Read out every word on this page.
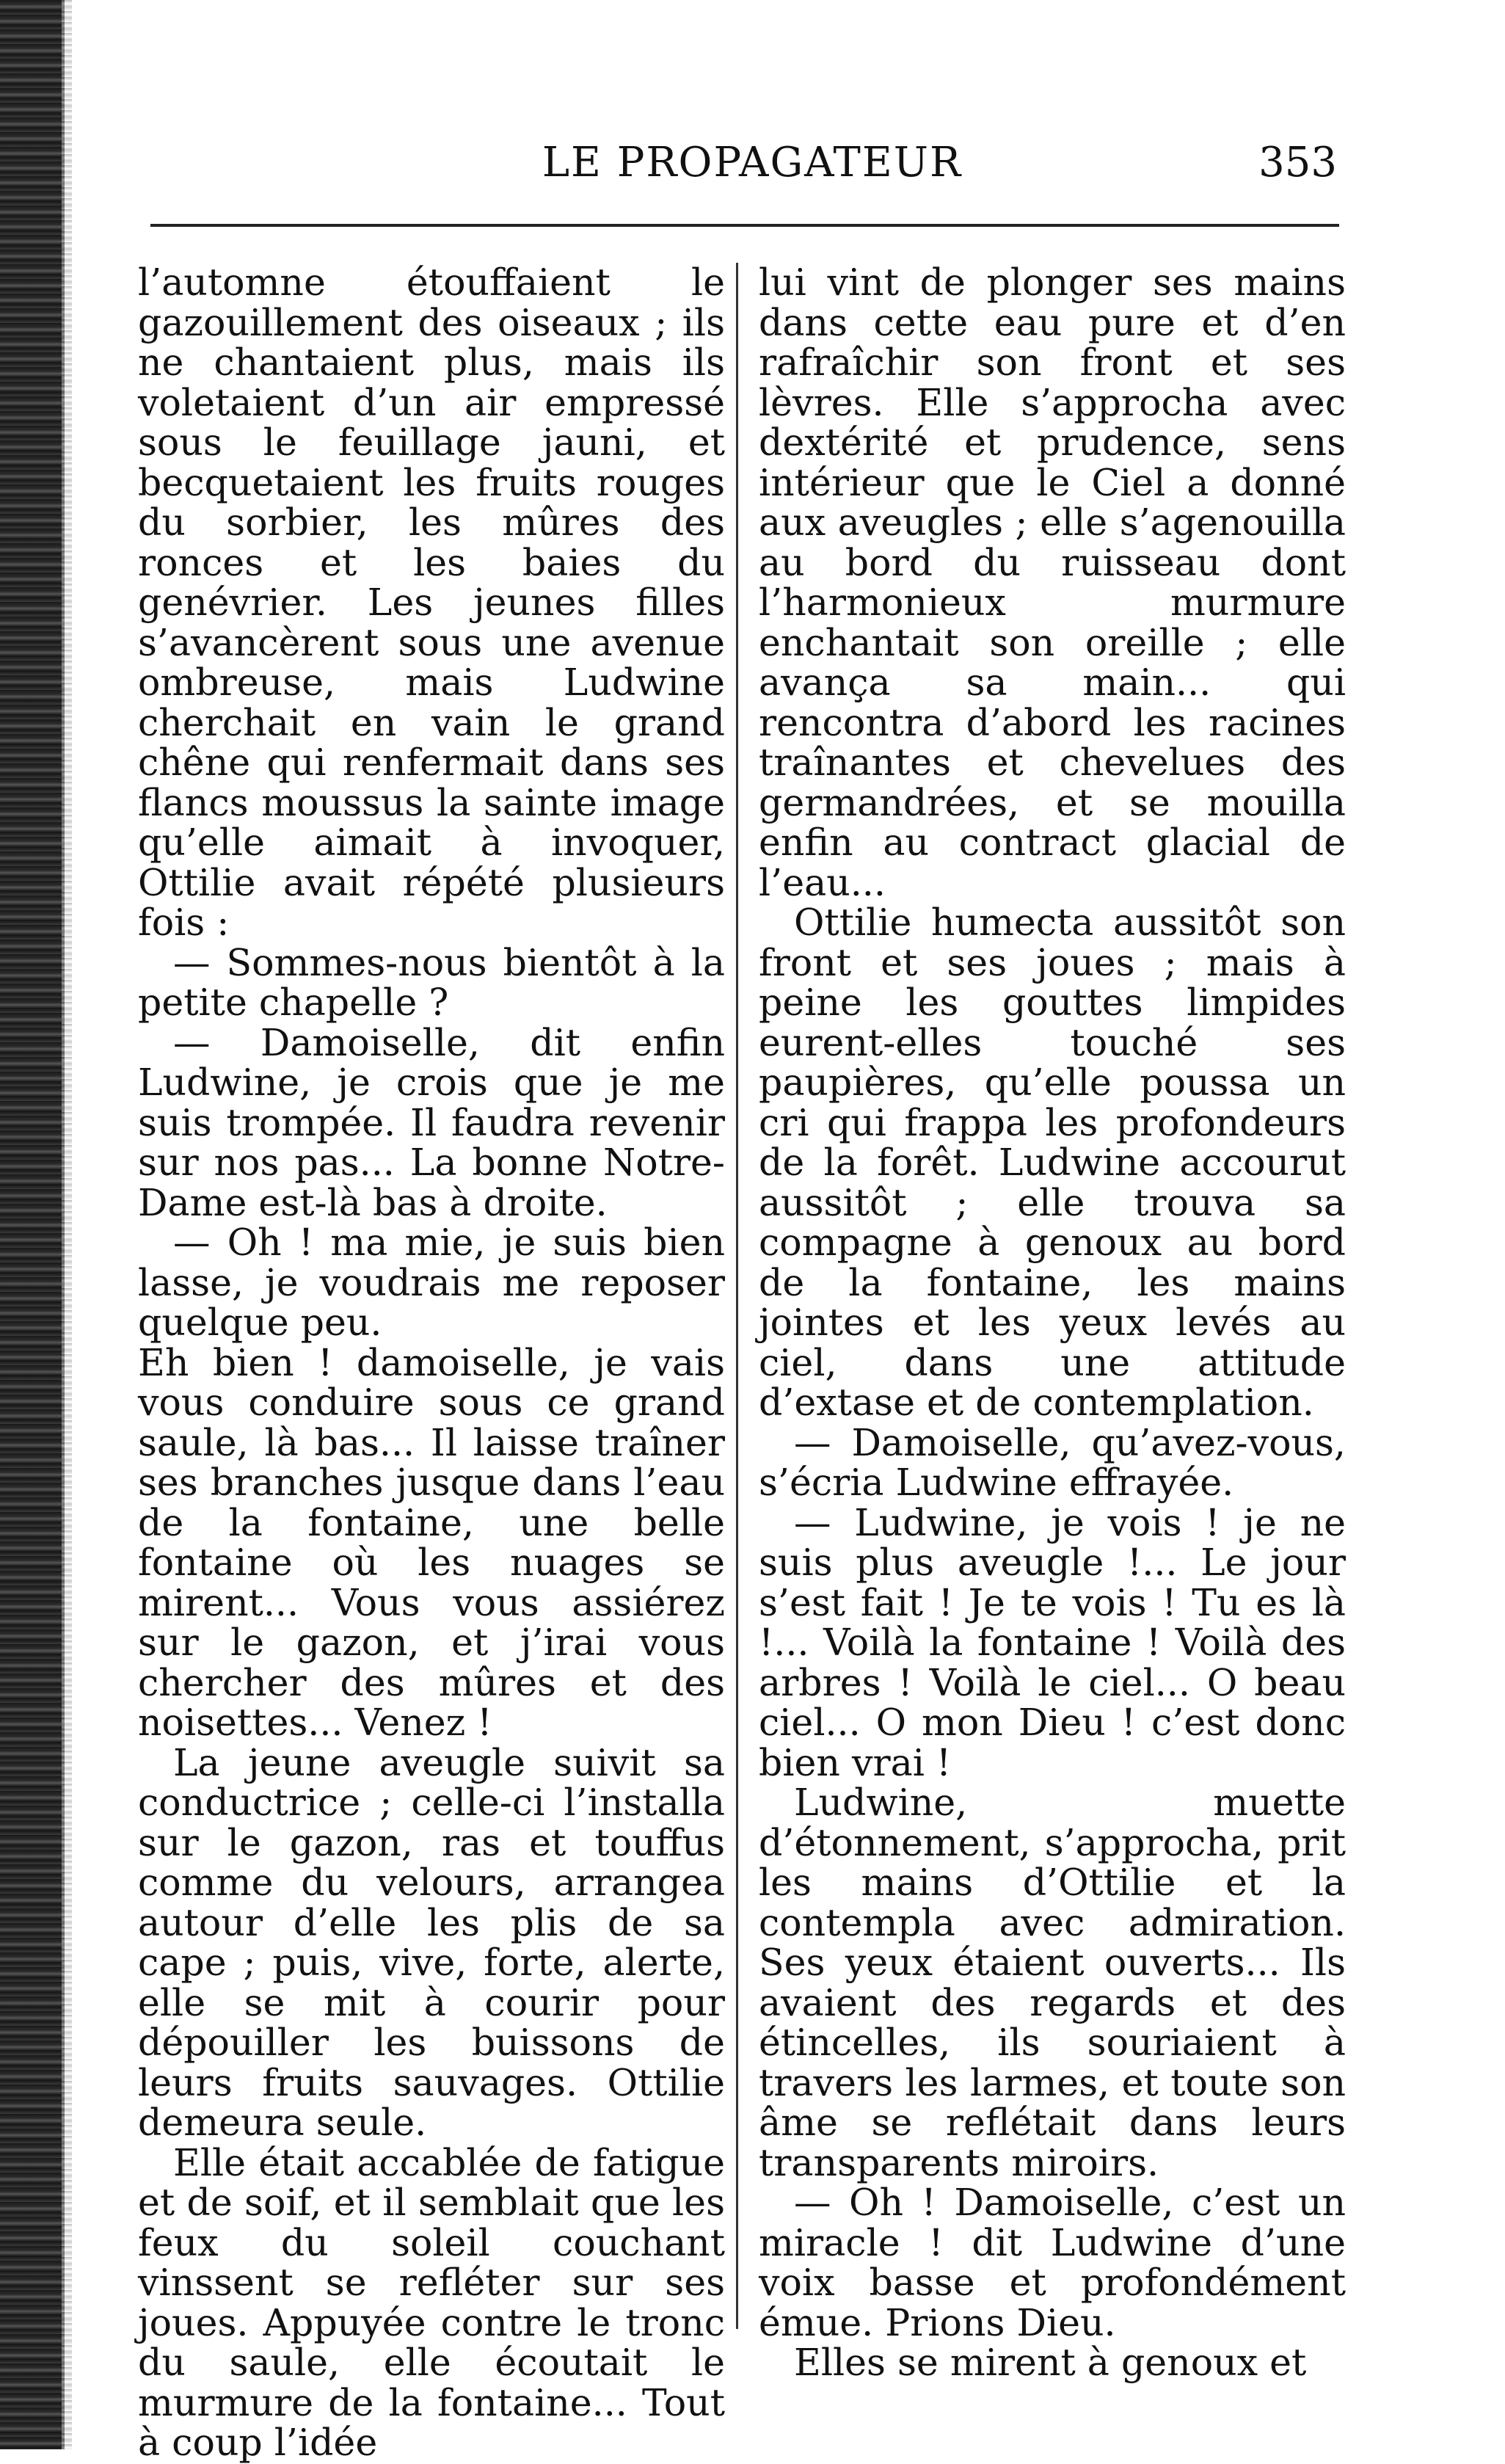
LE PROPAGATEUR	353

l’automne étouffaient le gazouillement des oiseaux ; ils ne chantaient plus, mais ils voletaient d’un air empressé sous le feuillage jauni, et becquetaient les fruits rouges du sorbier, les mûres des ronces et les baies du genévrier. Les jeunes filles s’avancèrent sous une avenue ombreuse, mais Ludwine cherchait en vain le grand chêne qui renfermait dans ses flancs moussus la sainte image qu’elle aimait à invoquer, Ottilie avait répété plusieurs fois :

— Sommes-nous bientôt à la petite chapelle ?

— Damoiselle, dit enfin Ludwine, je crois que je me suis trompée. Il faudra revenir sur nos pas... La bonne Notre-Dame est-là bas à droite.

— Oh ! ma mie, je suis bien lasse, je voudrais me reposer quelque peu.

Eh bien ! damoiselle, je vais vous conduire sous ce grand saule, là bas... Il laisse traîner ses branches jusque dans l’eau de la fontaine, une belle fontaine où les nuages se mirent... Vous vous assiérez sur le gazon, et j’irai vous chercher des mûres et des noisettes... Venez !

La jeune aveugle suivit sa conductrice ; celle-ci l’installa sur le gazon, ras et touffus comme du velours, arrangea autour d’elle les plis de sa cape ; puis, vive, forte, alerte, elle se mit à courir pour dépouiller les buissons de leurs fruits sauvages. Ottilie demeura seule.

Elle était accablée de fatigue et de soif, et il semblait que les feux du soleil couchant vinssent se refléter sur ses joues. Appuyée contre le tronc du saule, elle écoutait le murmure de la fontaine... Tout à coup l’idée

lui vint de plonger ses mains dans cette eau pure et d’en rafraîchir son front et ses lèvres. Elle s’approcha avec dextérité et prudence, sens intérieur que le Ciel a donné aux aveugles ; elle s’agenouilla au bord du ruisseau dont l’harmonieux murmure enchantait son oreille ; elle avança sa main... qui rencontra d’abord les racines traînantes et chevelues des germandrées, et se mouilla enfin au contract glacial de l’eau...

Ottilie humecta aussitôt son front et ses joues ; mais à peine les gouttes limpides eurent-elles touché ses paupières, qu’elle poussa un cri qui frappa les profondeurs de la forêt. Ludwine accourut aussitôt ; elle trouva sa compagne à genoux au bord de la fontaine, les mains jointes et les yeux levés au ciel, dans une attitude d’extase et de contemplation.

— Damoiselle, qu’avez-vous, s’écria Ludwine effrayée.

— Ludwine, je vois ! je ne suis plus aveugle !... Le jour s’est fait ! Je te vois ! Tu es là !... Voilà la fontaine ! Voilà des arbres ! Voilà le ciel... O beau ciel... O mon Dieu ! c’est donc bien vrai !

Ludwine, muette d’étonnement, s’approcha, prit les mains d’Ottilie et la contempla avec admiration. Ses yeux étaient ouverts... Ils avaient des regards et des étincelles, ils souriaient à travers les larmes, et toute son âme se reflétait dans leurs transparents miroirs.

— Oh ! Damoiselle, c’est un miracle ! dit Ludwine d’une voix basse et profondément émue. Prions Dieu.

Elles se mirent à genoux et
